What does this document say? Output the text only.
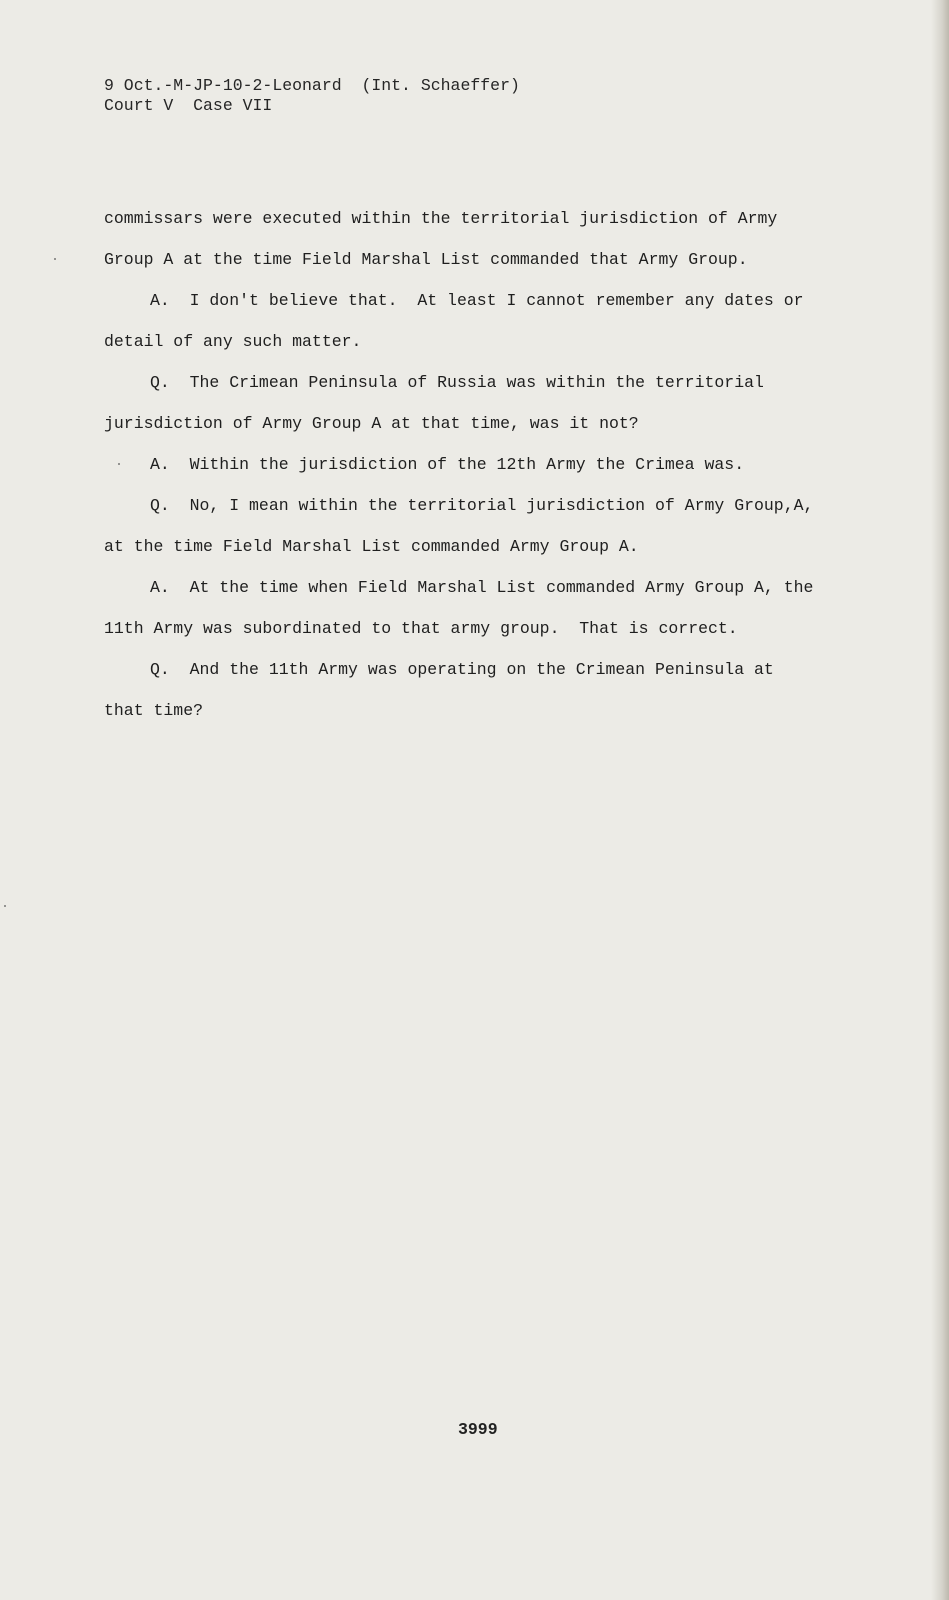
9 Oct.-M-JP-10-2-Leonard  (Int. Schaeffer)
Court V  Case VII
commissars were executed within the territorial jurisdiction of Army
Group A at the time Field Marshal List commanded that Army Group.
A.  I don't believe that.  At least I cannot remember any dates or
detail of any such matter.
Q.  The Crimean Peninsula of Russia was within the territorial
jurisdiction of Army Group A at that time, was it not?
A.  Within the jurisdiction of the 12th Army the Crimea was.
Q.  No, I mean within the territorial jurisdiction of Army Group,A,
at the time Field Marshal List commanded Army Group A.
A.  At the time when Field Marshal List commanded Army Group A, the
11th Army was subordinated to that army group.  That is correct.
Q.  And the 11th Army was operating on the Crimean Peninsula at
that time?
3999
